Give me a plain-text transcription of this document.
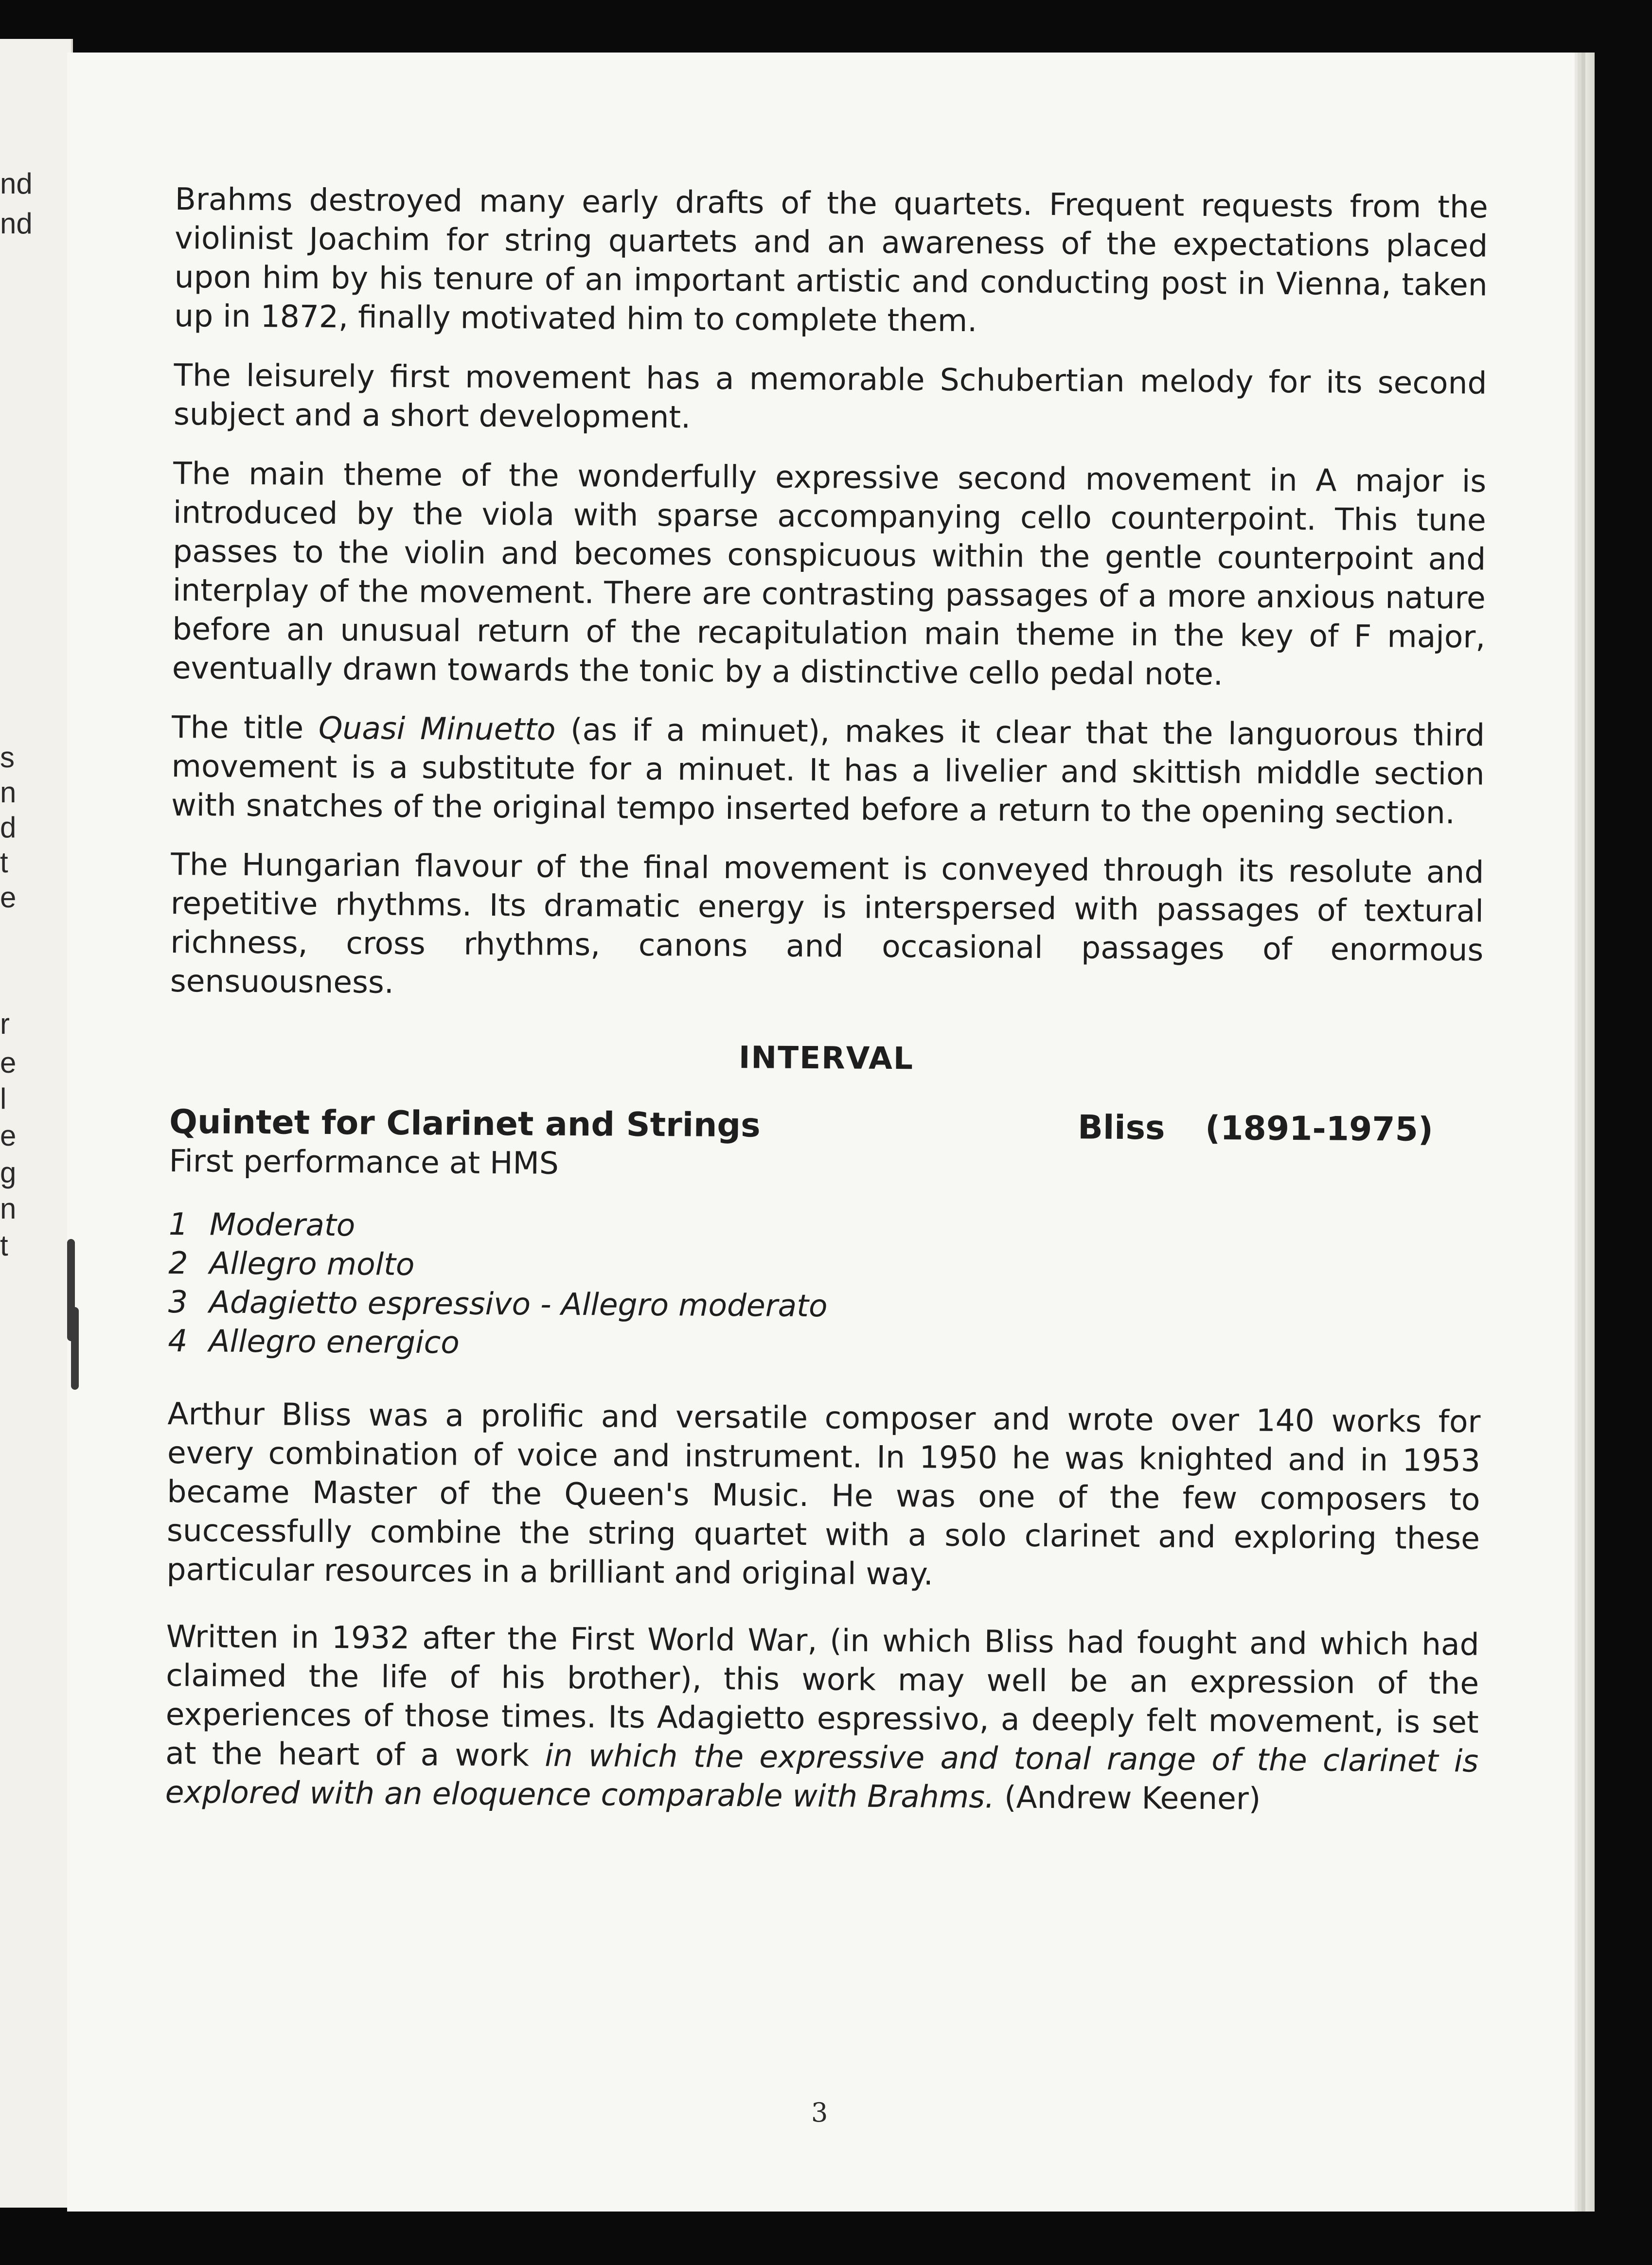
nd
nd
s
n
d
t
e
r
e
l
e
g
n
t

Brahms destroyed many early drafts of the quartets. Frequent requests from the violinist Joachim for string quartets and an awareness of the expectations placed upon him by his tenure of an important artistic and conducting post in Vienna, taken up in 1872, finally motivated him to complete them.

The leisurely first movement has a memorable Schubertian melody for its second subject and a short development.

The main theme of the wonderfully expressive second movement in A major is introduced by the viola with sparse accompanying cello counterpoint. This tune passes to the violin and becomes conspicuous within the gentle counterpoint and interplay of the movement. There are contrasting passages of a more anxious nature before an unusual return of the recapitulation main theme in the key of F major, eventually drawn towards the tonic by a distinctive cello pedal note.

The title Quasi Minuetto (as if a minuet), makes it clear that the languorous third movement is a substitute for a minuet. It has a livelier and skittish middle section with snatches of the original tempo inserted before a return to the opening section.

The Hungarian flavour of the final movement is conveyed through its resolute and repetitive rhythms. Its dramatic energy is interspersed with passages of textural richness, cross rhythms, canons and occasional passages of enormous sensuousness.

INTERVAL
Quintet for Clarinet and Strings	Bliss (1891-1975)
First performance at HMS
1 Moderato
2 Allegro molto
3 Adagietto espressivo - Allegro moderato
4 Allegro energico

Arthur Bliss was a prolific and versatile composer and wrote over 140 works for every combination of voice and instrument. In 1950 he was knighted and in 1953 became Master of the Queen's Music. He was one of the few composers to successfully combine the string quartet with a solo clarinet and exploring these particular resources in a brilliant and original way.

Written in 1932 after the First World War, (in which Bliss had fought and which had claimed the life of his brother), this work may well be an expression of the experiences of those times. Its Adagietto espressivo, a deeply felt movement, is set at the heart of a work in which the expressive and tonal range of the clarinet is explored with an eloquence comparable with Brahms. (Andrew Keener)

3
